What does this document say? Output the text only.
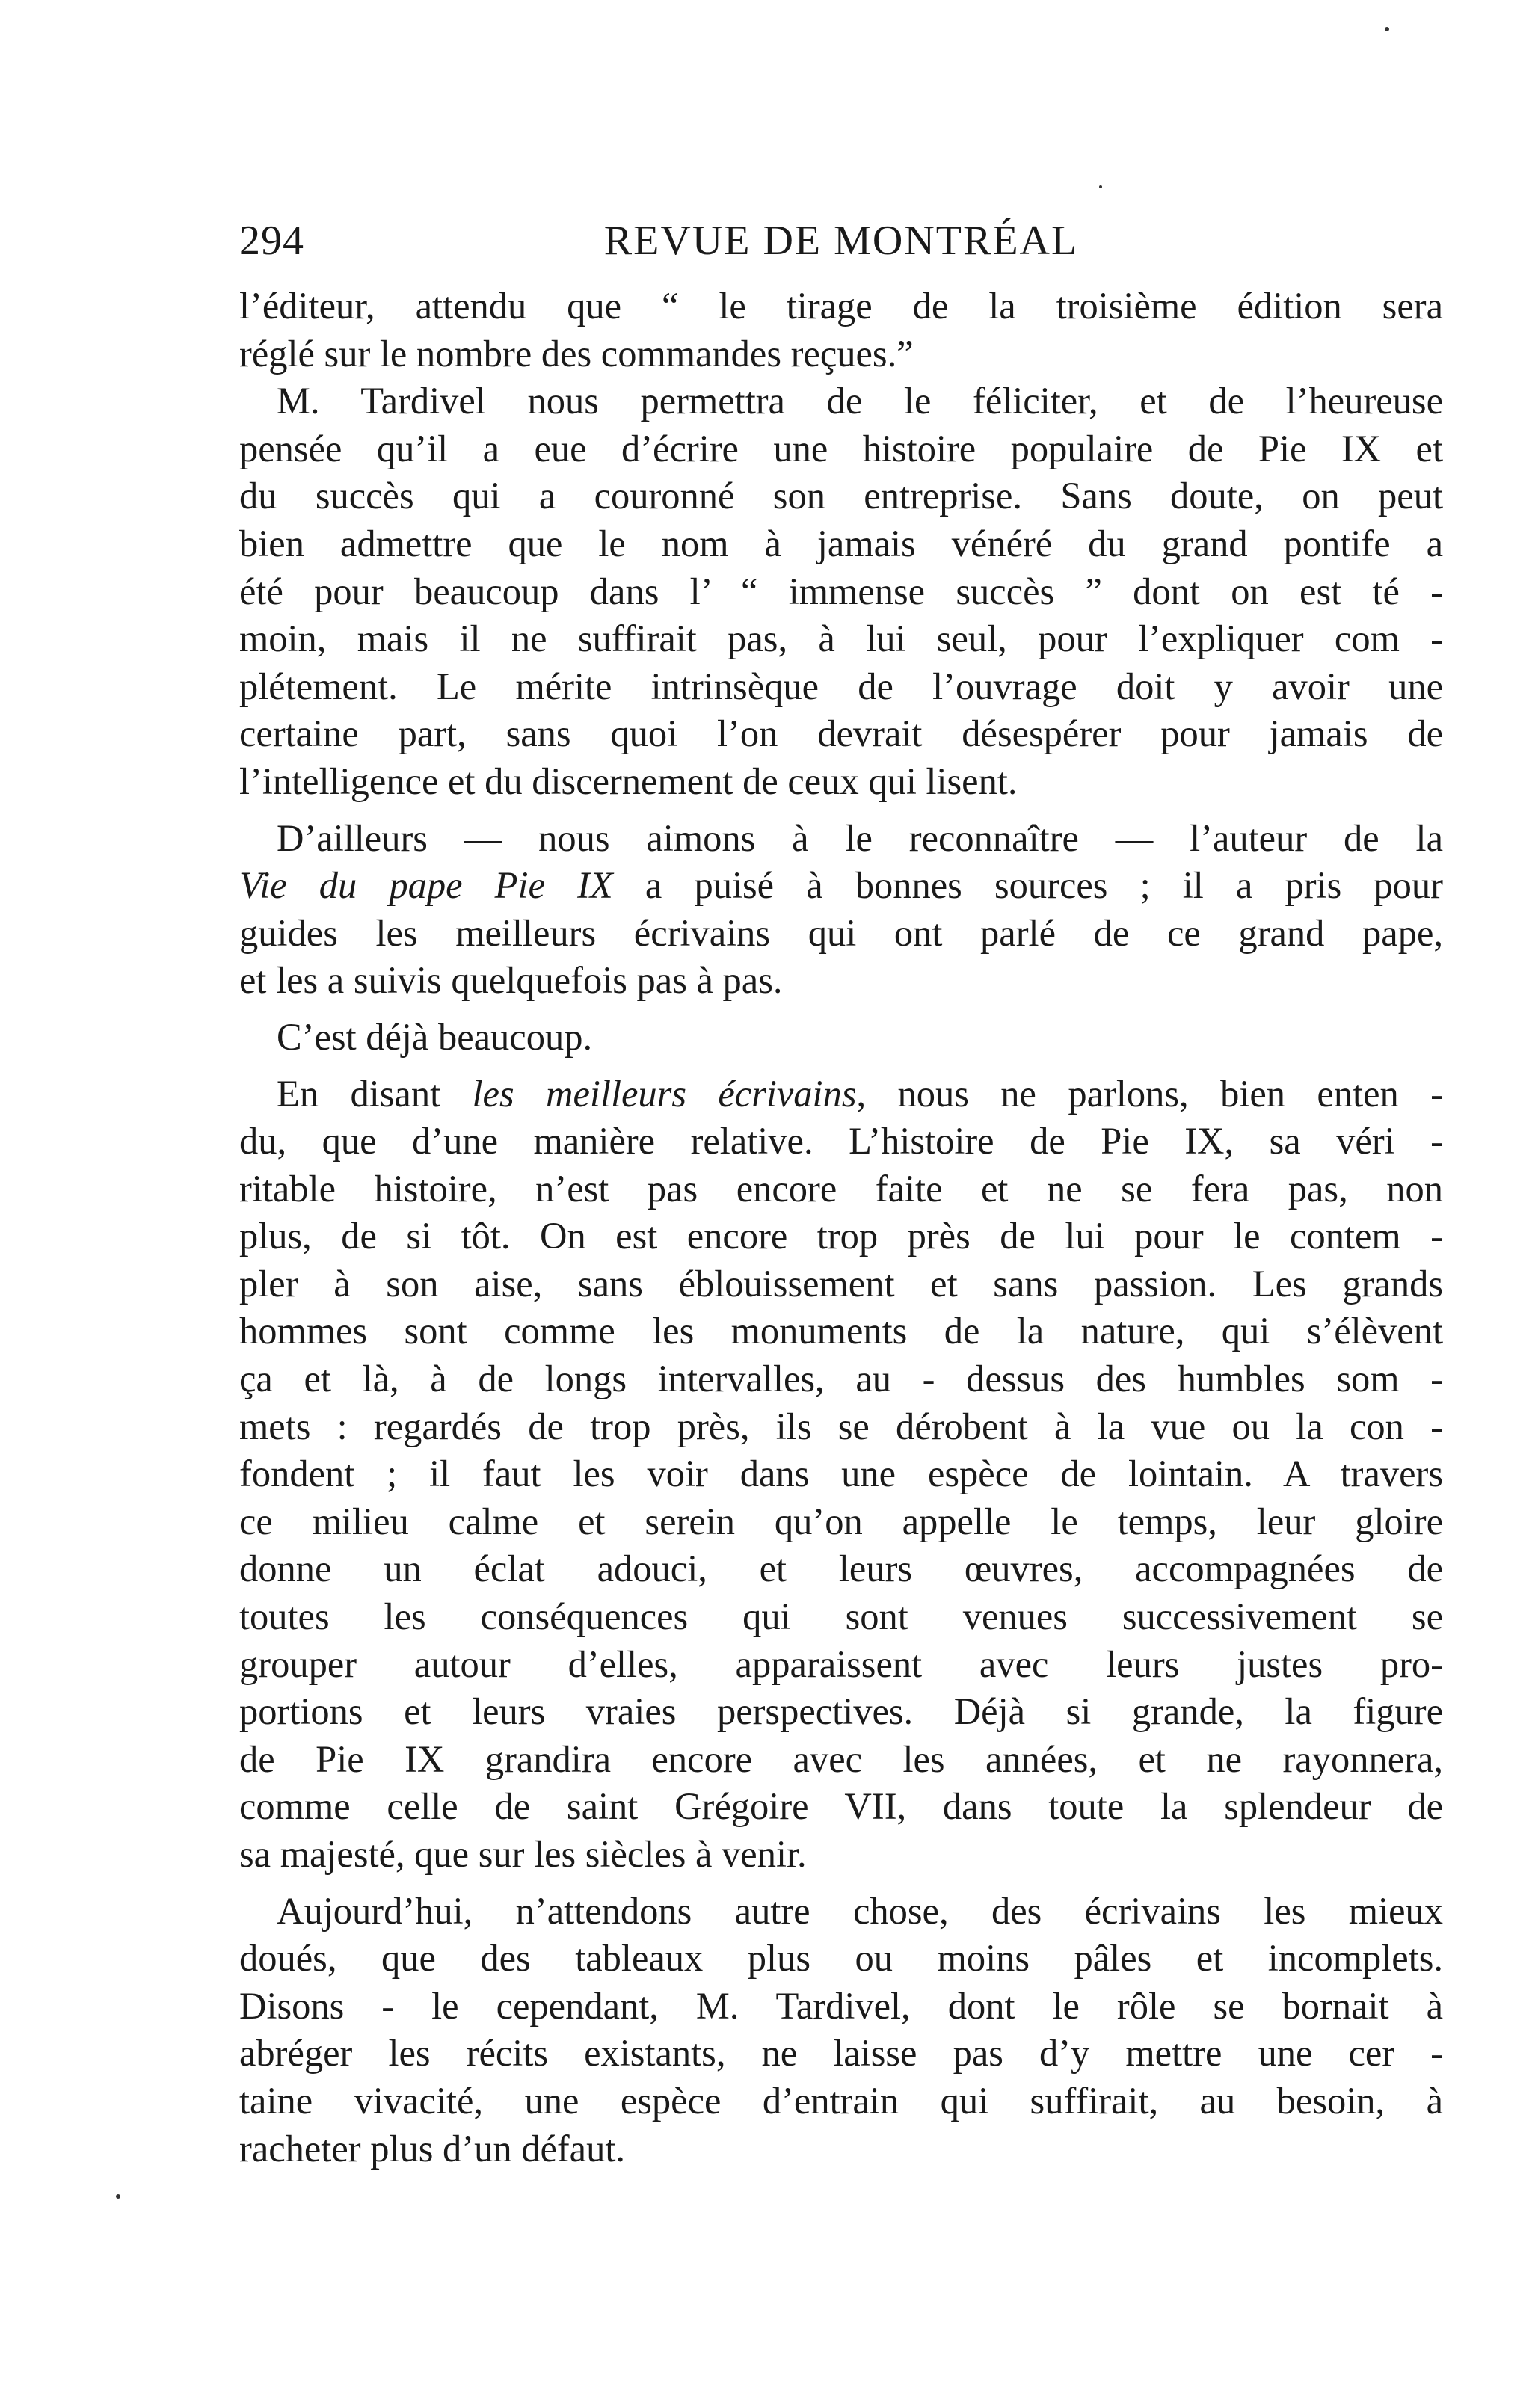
294	REVUE DE MONTRÉAL

l’éditeur, attendu que “ le tirage de la troisième édition sera
réglé sur le nombre des commandes reçues.”

M. Tardivel nous permettra de le féliciter, et de l’heureuse
pensée qu’il a eue d’écrire une histoire populaire de Pie IX et
du succès qui a couronné son entreprise. Sans doute, on peut
bien admettre que le nom à jamais vénéré du grand pontife a
été pour beaucoup dans l’ “ immense succès ” dont on est té -
moin, mais il ne suffirait pas, à lui seul, pour l’expliquer com -
plétement. Le mérite intrinsèque de l’ouvrage doit y avoir une
certaine part, sans quoi l’on devrait désespérer pour jamais de
l’intelligence et du discernement de ceux qui lisent.

D’ailleurs — nous aimons à le reconnaître — l’auteur de la
Vie du pape Pie IX a puisé à bonnes sources ; il a pris pour
guides les meilleurs écrivains qui ont parlé de ce grand pape,
et les a suivis quelquefois pas à pas.

C’est déjà beaucoup.

En disant les meilleurs écrivains, nous ne parlons, bien enten -
du, que d’une manière relative. L’histoire de Pie IX, sa véri -
ritable histoire, n’est pas encore faite et ne se fera pas, non
plus, de si tôt. On est encore trop près de lui pour le contem -
pler à son aise, sans éblouissement et sans passion. Les grands
hommes sont comme les monuments de la nature, qui s’élèvent
ça et là, à de longs intervalles, au - dessus des humbles som -
mets : regardés de trop près, ils se dérobent à la vue ou la con -
fondent ; il faut les voir dans une espèce de lointain. A travers
ce milieu calme et serein qu’on appelle le temps, leur gloire
donne un éclat adouci, et leurs œuvres, accompagnées de
toutes les conséquences qui sont venues successivement se
grouper autour d’elles, apparaissent avec leurs justes pro-
portions et leurs vraies perspectives. Déjà si grande, la figure
de Pie IX grandira encore avec les années, et ne rayonnera,
comme celle de saint Grégoire VII, dans toute la splendeur de
sa majesté, que sur les siècles à venir.

Aujourd’hui, n’attendons autre chose, des écrivains les mieux
doués, que des tableaux plus ou moins pâles et incomplets.
Disons - le cependant, M. Tardivel, dont le rôle se bornait à
abréger les récits existants, ne laisse pas d’y mettre une cer -
taine vivacité, une espèce d’entrain qui suffirait, au besoin, à
racheter plus d’un défaut.
